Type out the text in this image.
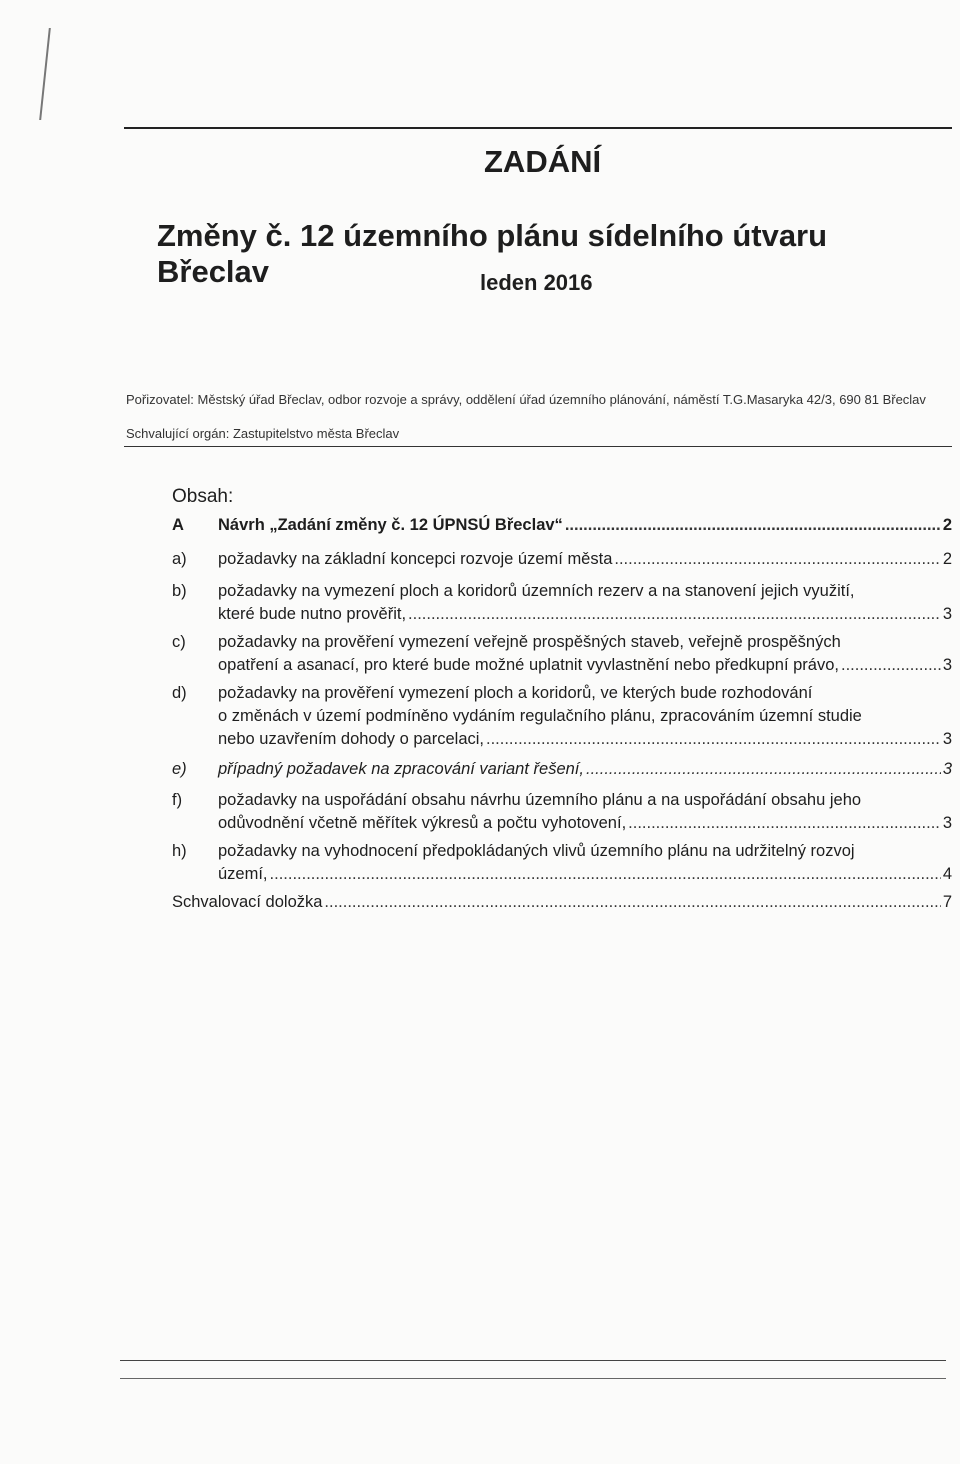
ZADÁNÍ
Změny č. 12 územního plánu sídelního útvaru Břeclav	leden 2016
Pořizovatel: Městský úřad Břeclav, odbor rozvoje a správy, oddělení úřad územního plánování, náměstí T.G.Masaryka 42/3, 690 81 Břeclav
Schvalující orgán: Zastupitelstvo města Břeclav
Obsah:
A Návrh „Zadání změny č. 12 ÚPNSÚ Břeclav“ .....	2
a) požadavky na základní koncepci rozvoje území města .....	2
b) požadavky na vymezení ploch a koridorů územních rezerv a na stanovení jejich využití,
které bude nutno prověřit, .....	3
c) požadavky na prověření vymezení veřejně prospěšných staveb, veřejně prospěšných
opatření a asanací, pro které bude možné uplatnit vyvlastnění nebo předkupní právo, .....	3
d) požadavky na prověření vymezení ploch a koridorů, ve kterých bude rozhodování
o změnách v území podmíněno vydáním regulačního plánu, zpracováním územní studie
nebo uzavřením dohody o parcelaci, .....	3
e) případný požadavek na zpracování variant řešení, .....	3
f) požadavky na uspořádání obsahu návrhu územního plánu a na uspořádání obsahu jeho
odůvodnění včetně měřítek výkresů a počtu vyhotovení, .....	3
h) požadavky na vyhodnocení předpokládaných vlivů územního plánu na udržitelný rozvoj
území, .....	4
Schvalovací doložka .....	7
